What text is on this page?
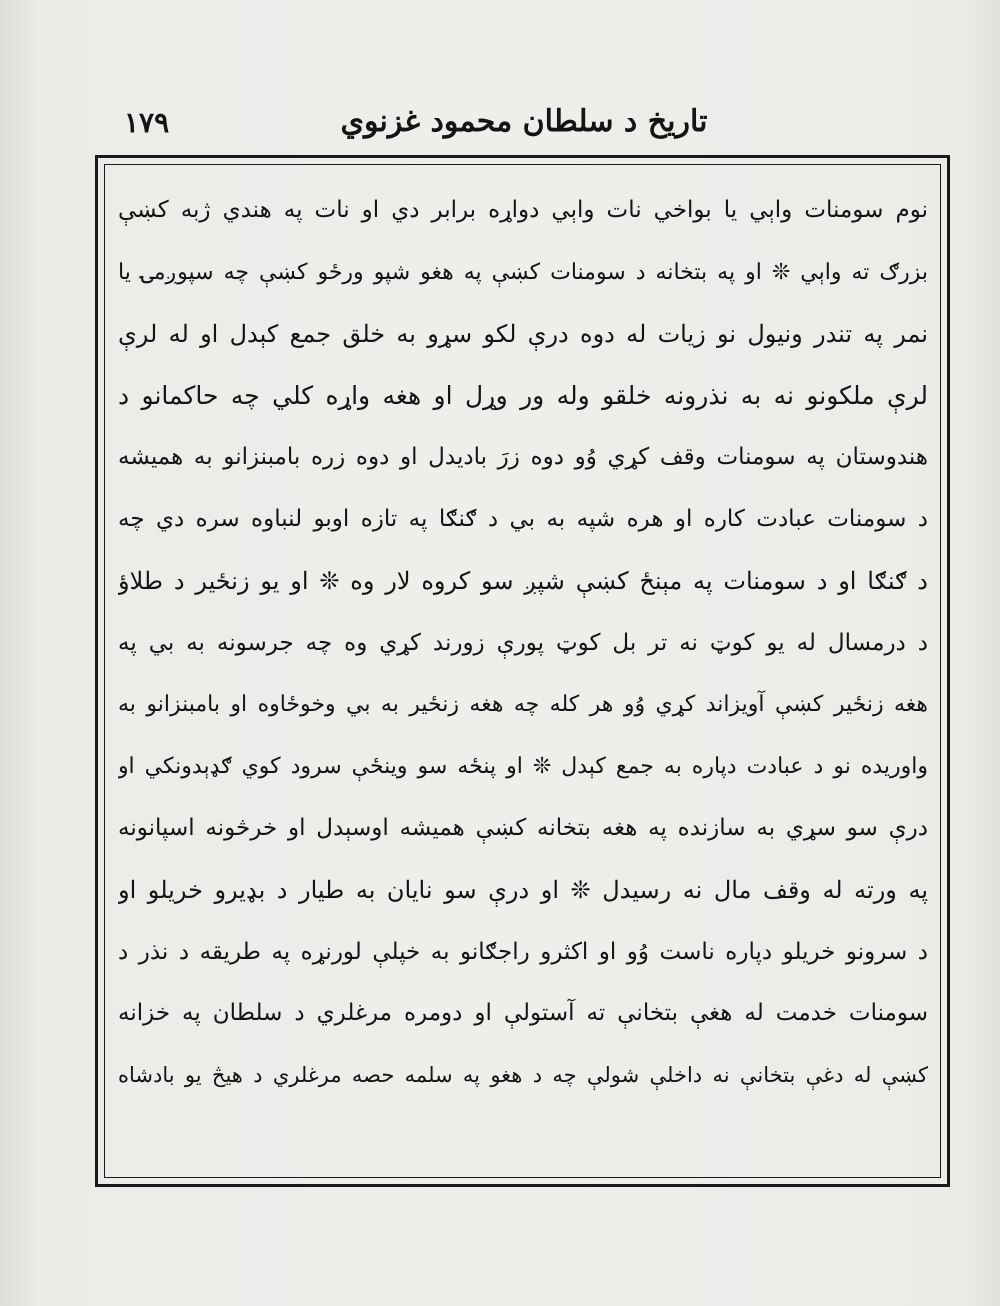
تاریخ د سلطان محمود غزنوي
١٧٩
نوم سومنات واېي يا بواخي نات واېي دواړه برابر دي او نات په هندي ژبه کښې
بزرګ ته واېي ❊ او په بتخانه د سومنات کښې په هغو شپو ورځو کښې چه سپوږمۍ يا
نمر په تندر ونيول نو زيات له دوه درې لکو سړو به خلق جمع کېدل او له لرې
لرې ملکونو نه به نذرونه خلقو وله ور وړل او هغه واړه کلي چه حاکمانو د
هندوستان په سومنات وقف کړي وُو دوه زرَ باديدل او دوه زره بامبنزانو به هميشه
د سومنات عبادت کاره او هره شپه به بي د ګنګا په تازه اوبو لنباوه سره دي چه
د ګنګا او د سومنات په مېنځ کښې شپږ سو کروه لار وه ❊ او يو زنځير د طلاؤ
د درمسال له يو کوټ نه تر بل کوټ پورې زورند کړي وه چه جرسونه به بي په
هغه زنځير کښې آويزاند کړي وُو هر کله چه هغه زنځير به بي وخوځاوه او بامبنزانو به
واوريده نو د عبادت دپاره به جمع کېدل ❊ او پنځه سو وينځې سرود کوي ګډېدونکي او
درې سو سړي به سازنده په هغه بتخانه کښې هميشه اوسېدل او خرڅونه اسپانونه
په ورته له وقف مال نه رسيدل ❊ او درې سو نايان به طيار د بډيرو خريلو او
د سرونو خريلو دپاره ناست وُو او اکثرو راجګانو به خپلې لورنړه په طريقه د نذر د
سومنات خدمت له هغې بتخانې ته آستولې او دومره مرغلري د سلطان په خزانه
کښې له دغې بتخانې نه داخلې شولې چه د هغو په سلمه حصه مرغلري د هيڅ يو بادشاه
